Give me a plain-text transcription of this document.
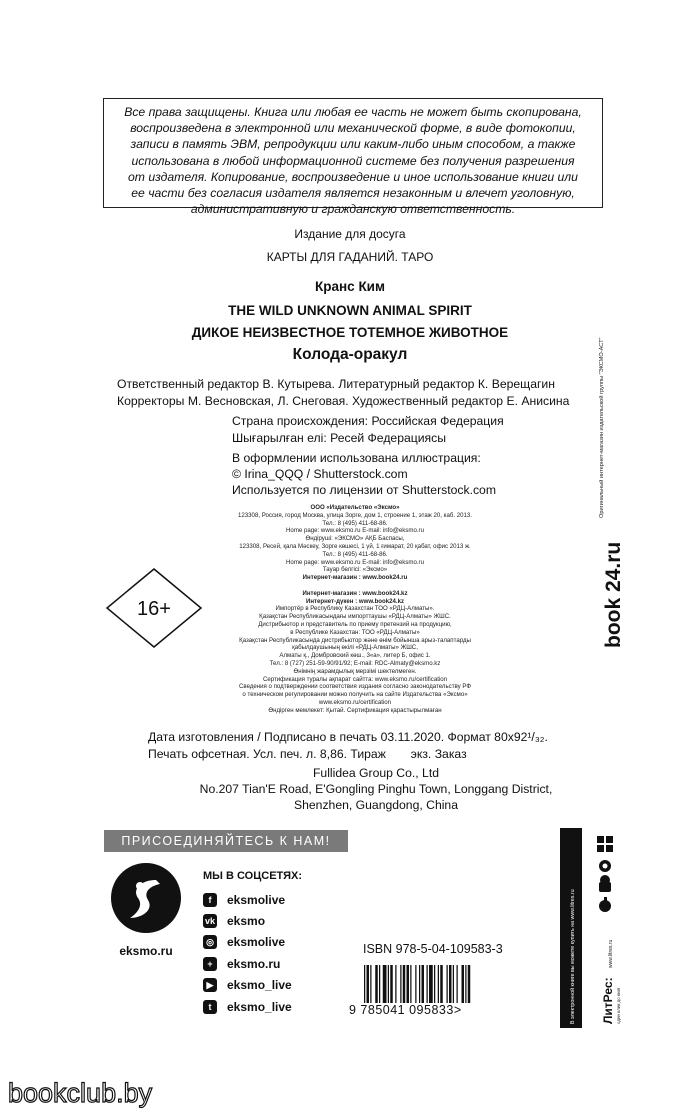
Все права защищены. Книга или любая ее часть не может быть скопирована,
воспроизведена в электронной или механической форме, в виде фотокопии,
записи в память ЭВМ, репродукции или каким-либо иным способом, а также
использована в любой информационной системе без получения разрешения
от издателя. Копирование, воспроизведение и иное использование книги или
ее части без согласия издателя является незаконным и влечет уголовную,
административную и гражданскую ответственность.
Издание для досуга
КАРТЫ ДЛЯ ГАДАНИЙ. ТАРО
Кранс Ким
THE WILD UNKNOWN ANIMAL SPIRIT
ДИКОЕ НЕИЗВЕСТНОЕ ТОТЕМНОЕ ЖИВОТНОЕ
Колода-оракул
Ответственный редактор В. Кутырева. Литературный редактор К. Верещагин
Корректоры М. Весновская, Л. Снеговая. Художественный редактор Е. Анисина
Страна происхождения: Российская Федерация
Шығарылған елі: Ресей Федерациясы
В оформлении использована иллюстрация:
© Irina_QQQ / Shutterstock.com
Используется по лицензии от Shutterstock.com
ООО «Издательство «Эксмо»
123308, Россия, город Москва, улица Зорге, дом 1, строение 1, этаж 20, каб. 2013.
Тел.: 8 (495) 411-68-86.
Home page: www.eksmo.ru E-mail: info@eksmo.ru
Өндіруші: «ЭКСМО» АҚБ Баспасы,
123308, Ресей, қала Мәскеу, Зорге көшесі, 1 үй, 1 ғимарат, 20 қабат, офис 2013 ж.
Тел.: 8 (495) 411-68-86.
Home page: www.eksmo.ru E-mail: info@eksmo.ru
Тауар белгісі: «Эксмо»
Интернет-магазин : www.book24.ru

Интернет-магазин : www.book24.kz
Интернет-дүкен : www.book24.kz
Импортёр в Республику Казахстан ТОО «РДЦ-Алматы».
Қазақстан Республикасындағы импорттаушы «РДЦ-Алматы» ЖШС.
Дистрибьютор и представитель по приему претензий на продукцию,
в Республике Казахстан: ТОО «РДЦ-Алматы»
Қазақстан Республикасында дистрибьютор және өнім бойынша арыз-талаптарды
қабылдаушының өкілі «РДЦ-Алматы» ЖШС,
Алматы қ., Домбровский көш., 3«а», литер Б, офис 1.
Тел.: 8 (727) 251-59-90/91/92; E-mail: RDC-Almaty@eksmo.kz
Өнімнің жарамдылық мерзімі шектелмеген.
Сертификация туралы ақпарат сайтта: www.eksmo.ru/certification
Сведения о подтверждении соответствия издания согласно законодательству РФ
о техническом регулировании можно получить на сайте Издательства «Эксмо»
www.eksmo.ru/certification
Өндірген мемлекет: Қытай. Сертификация қарастырылмаған
16+
Оригинальный интернет-магазин издательской группы "ЭКСМО-АСТ"
book 24.ru
Дата изготовления / Подписано в печать 03.11.2020. Формат 80x92¹/₃₂.
Печать офсетная. Усл. печ. л. 8,86. Тираж экз. Заказ
Fullidea Group Co., Ltd
No.207 Tian'E Road, E'Gongling Pinghu Town, Longgang District,
Shenzhen, Guangdong, China
ПРИСОЕДИНЯЙТЕСЬ К НАМ!
eksmo.ru
МЫ В СОЦСЕТЯХ:
f	eksmolive
vk eksmo
◎ eksmolive
+	eksmo.ru
▶ eksmo_live
t	eksmo_live
ISBN 978-5-04-109583-3
9 785041 095833>	В электронной книге вы можете купить на www.litres.ru ЛитРес: один клик до книг
www.litres.ru
bookclub.by
